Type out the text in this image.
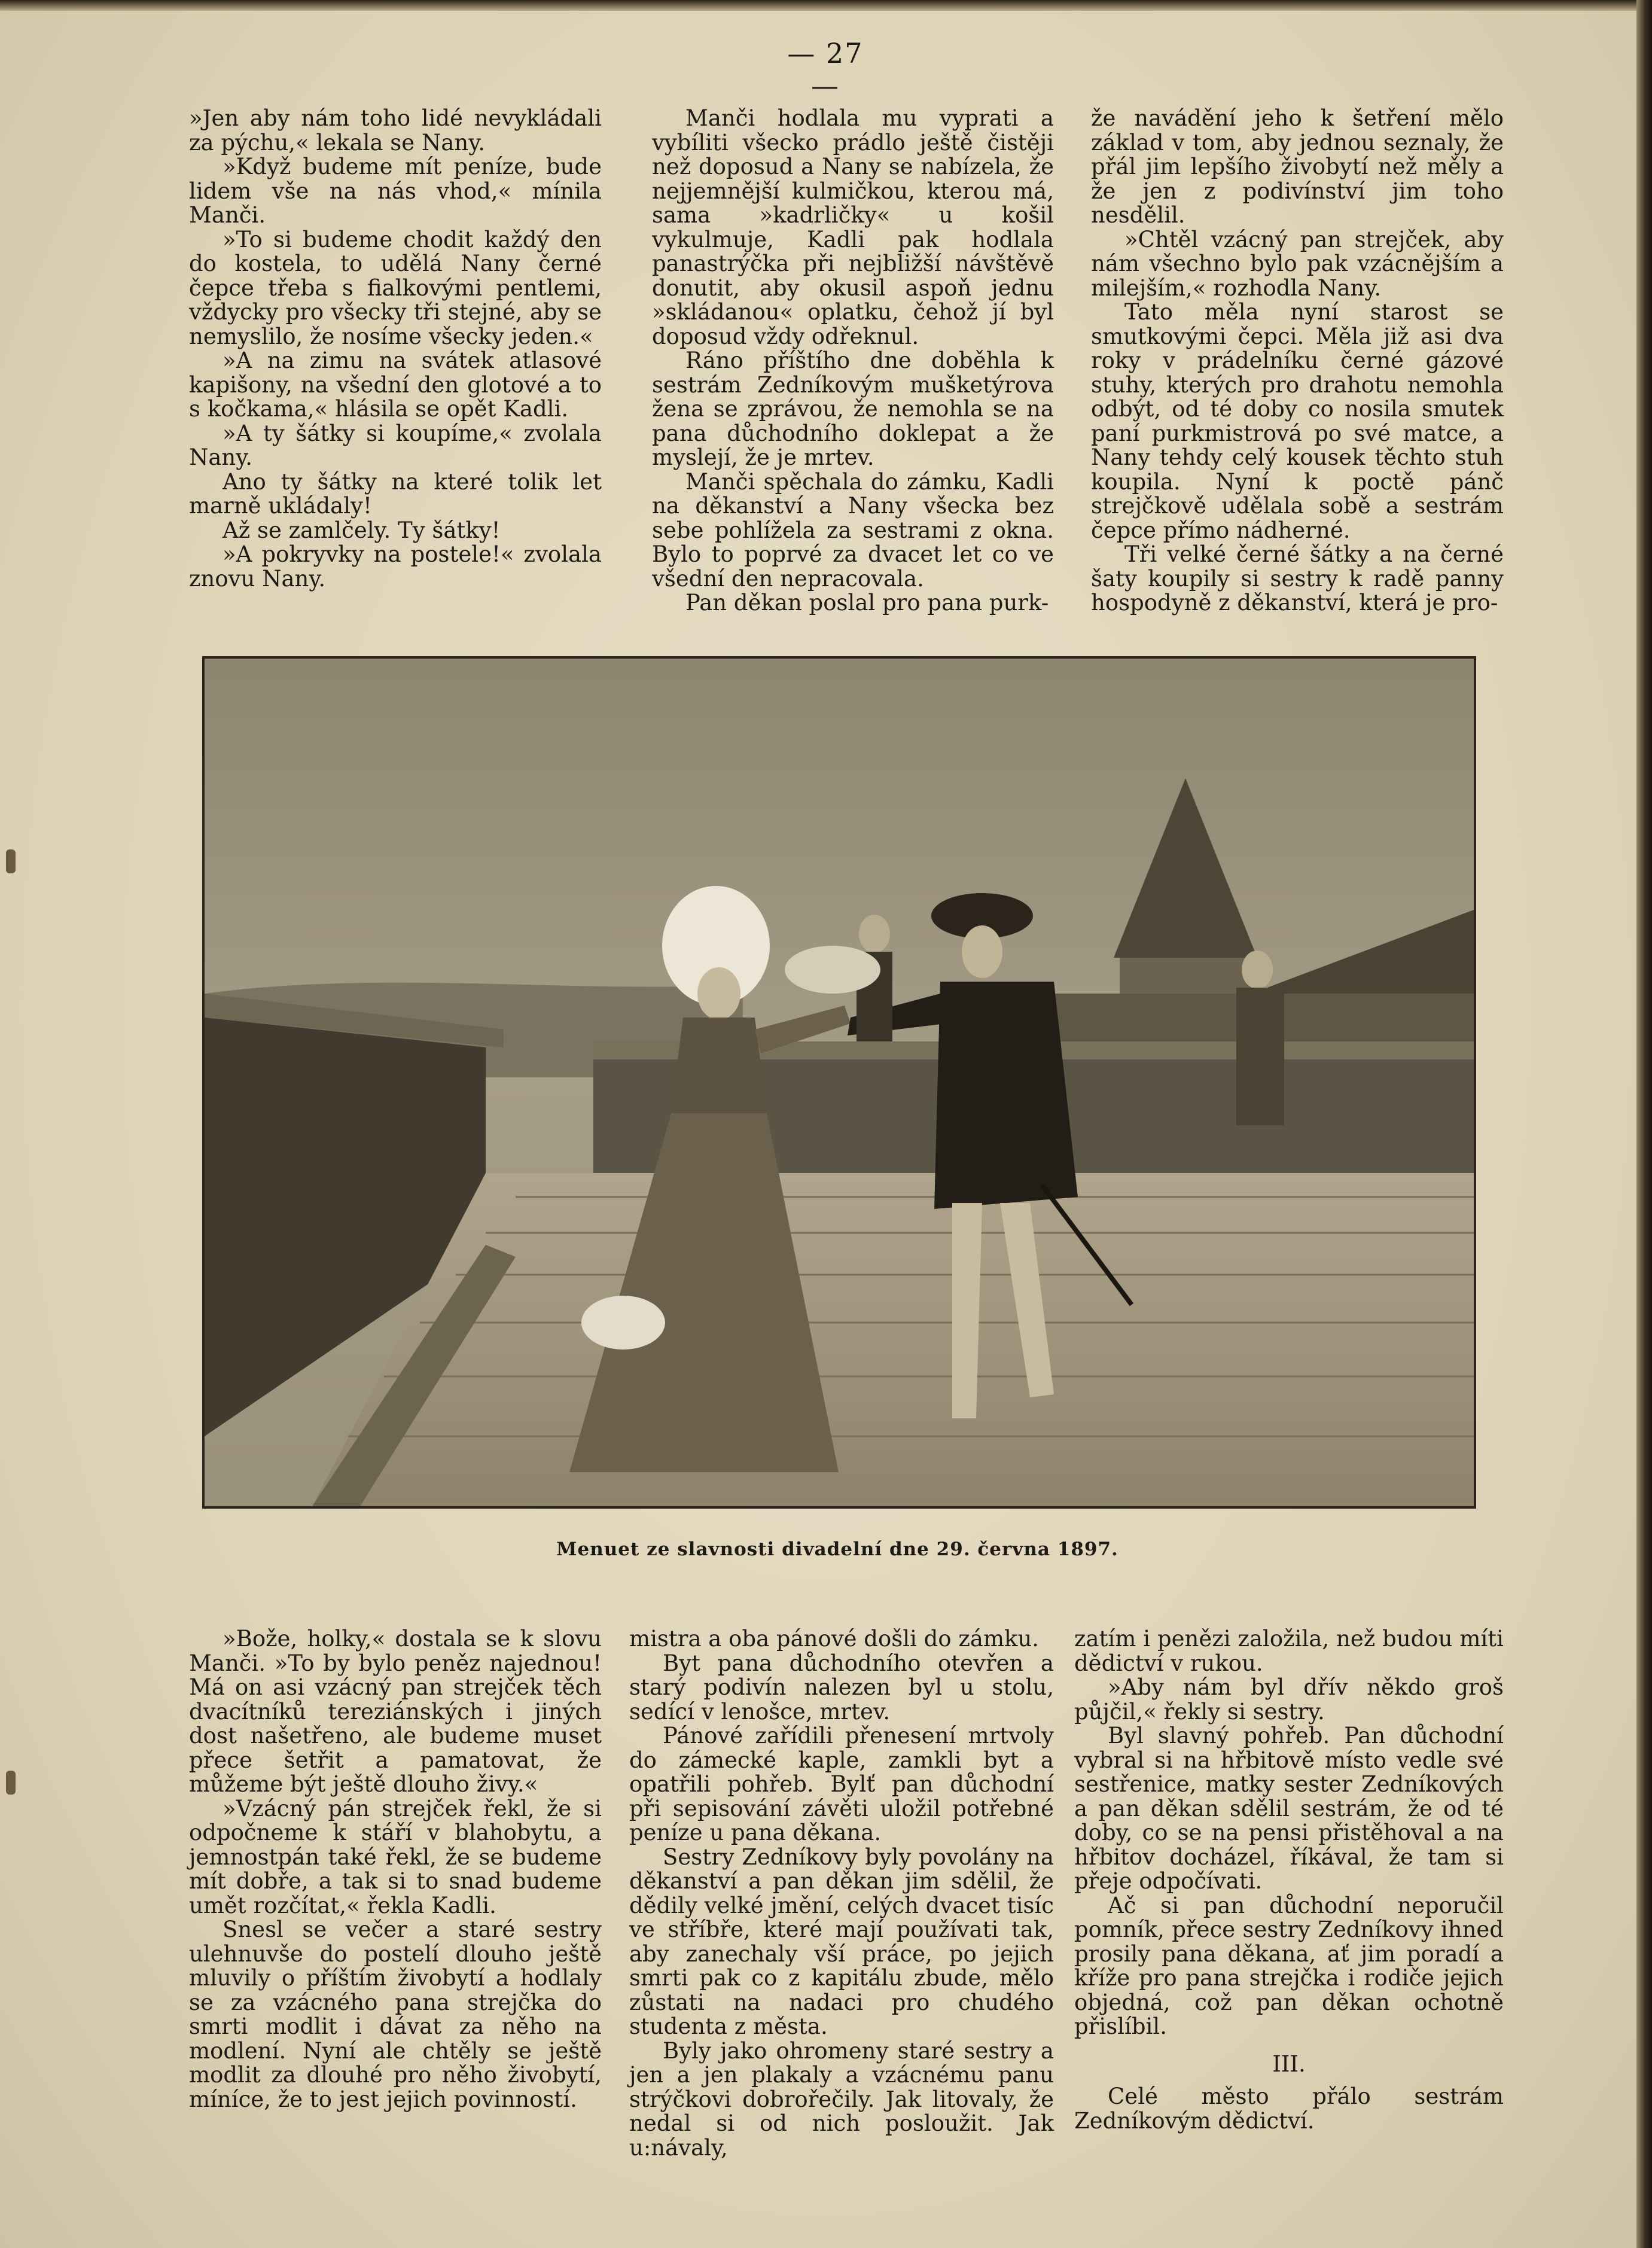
— 27 —

»Jen aby nám toho lidé nevykládali za pýchu,« lekala se Nany.

»Když budeme mít peníze, bude lidem vše na nás vhod,« mínila Manči.

»To si budeme chodit každý den do kostela, to udělá Nany černé čepce třeba s fialkovými pentlemi, vždycky pro všecky tři stejné, aby se nemyslilo, že nosíme všecky jeden.«

»A na zimu na svátek atlasové kapišony, na všední den glotové a to s kočkama,« hlásila se opět Kadli.

»A ty šátky si koupíme,« zvolala Nany.

Ano ty šátky na které tolik let marně ukládaly!

Až se zamlčely. Ty šátky!

»A pokryvky na postele!« zvolala znovu Nany.

Manči hodlala mu vyprati a vybíliti všecko prádlo ještě čistěji než doposud a Nany se nabízela, že nejjemnější kulmičkou, kterou má, sama »kadrličky« u košil vykulmuje, Kadli pak hodlala panastrýčka při nejbližší návštěvě donutit, aby okusil aspoň jednu »skládanou« oplatku, čehož jí byl doposud vždy odřeknul.

Ráno příštího dne doběhla k sestrám Zedníkovým mušketýrova žena se zprávou, že nemohla se na pana důchodního doklepat a že myslejí, že je mrtev.

Manči spěchala do zámku, Kadli na děkanství a Nany všecka bez sebe pohlížela za sestrami z okna. Bylo to poprvé za dvacet let co ve všední den nepracovala.

Pan děkan poslal pro pana purk-

že navádění jeho k šetření mělo základ v tom, aby jednou seznaly, že přál jim lepšího živobytí než měly a že jen z podivínství jim toho nesdělil.

»Chtěl vzácný pan strejček, aby nám všechno bylo pak vzácnějším a milejším,« rozhodla Nany.

Tato měla nyní starost se smutkovými čepci. Měla již asi dva roky v prádelníku černé gázové stuhy, kterých pro drahotu nemohla odbýt, od té doby co nosila smutek paní purkmistrová po své matce, a Nany tehdy celý kousek těchto stuh koupila. Nyní k poctě pánč strejčkově udělala sobě a sestrám čepce přímo nádherné.

Tři velké černé šátky a na černé šaty koupily si sestry k radě panny hospodyně z děkanství, která je pro-

Menuet ze slavnosti divadelní dne 29. června 1897.

»Bože, holky,« dostala se k slovu Manči. »To by bylo peněz najednou! Má on asi vzácný pan strejček těch dvacítníků tereziánských i jiných dost našetřeno, ale budeme muset přece šetřit a pamatovat, že můžeme být ještě dlouho živy.«

»Vzácný pán strejček řekl, že si odpočneme k stáří v blahobytu, a jemnostpán také řekl, že se budeme mít dobře, a tak si to snad budeme umět rozčítat,« řekla Kadli.

Snesl se večer a staré sestry ulehnuvše do postelí dlouho ještě mluvily o příštím živobytí a hodlaly se za vzácného pana strejčka do smrti modlit i dávat za něho na modlení. Nyní ale chtěly se ještě modlit za dlouhé pro něho živobytí, míníce, že to jest jejich povinností.

mistra a oba pánové došli do zámku.

Byt pana důchodního otevřen a starý podivín nalezen byl u stolu, sedící v lenošce, mrtev.

Pánové zařídili přenesení mrtvoly do zámecké kaple, zamkli byt a opatřili pohřeb. Bylť pan důchodní při sepisování závěti uložil potřebné peníze u pana děkana.

Sestry Zedníkovy byly povolány na děkanství a pan děkan jim sdělil, že dědily velké jmění, celých dvacet tisíc ve stříbře, které mají používati tak, aby zanechaly vší práce, po jejich smrti pak co z kapitálu zbude, mělo zůstati na nadaci pro chudého studenta z města.

Byly jako ohromeny staré sestry a jen a jen plakaly a vzácnému panu strýčkovi dobrořečily. Jak litovaly, že nedal si od nich posloužit. Jak u:návaly,

zatím i penězi založila, než budou míti dědictví v rukou.

»Aby nám byl dřív někdo groš půjčil,« řekly si sestry.

Byl slavný pohřeb. Pan důchodní vybral si na hřbitově místo vedle své sestřenice, matky sester Zedníkových a pan děkan sdělil sestrám, že od té doby, co se na pensi přistěhoval a na hřbitov docházel, říkával, že tam si přeje odpočívati.

Ač si pan důchodní neporučil pomník, přece sestry Zedníkovy ihned prosily pana děkana, ať jim poradí a kříže pro pana strejčka i rodiče jejich objedná, což pan děkan ochotně přislíbil.

III.

Celé město přálo sestrám Zedníkovým dědictví.
